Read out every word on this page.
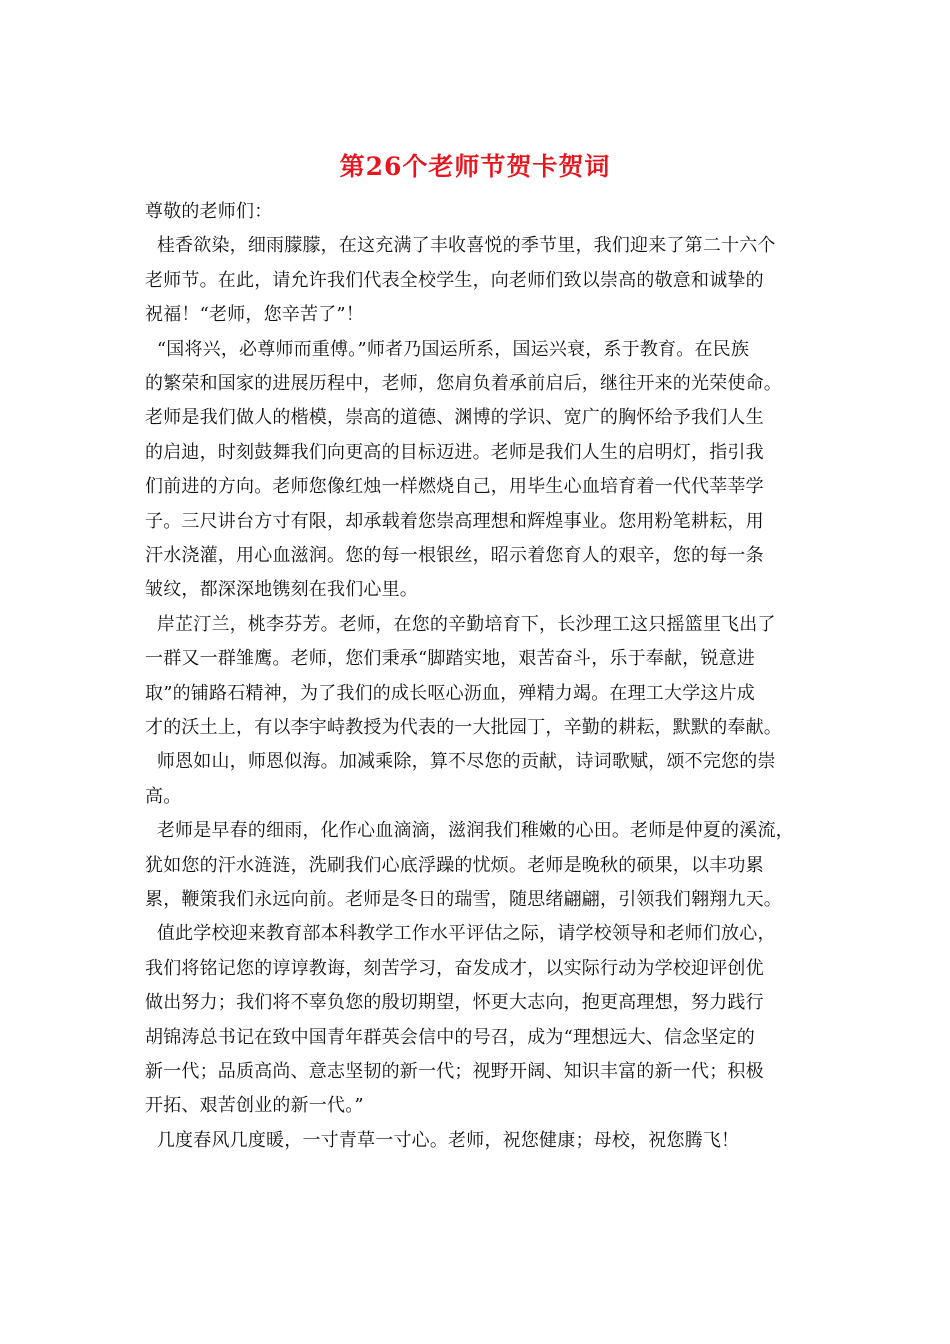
第26个老师节贺卡贺词
尊敬的老师们：
桂香欲染，细雨朦朦，在这充满了丰收喜悦的季节里，我们迎来了第二十六个
老师节。在此，请允许我们代表全校学生，向老师们致以崇高的敬意和诚挚的
祝福！“老师，您辛苦了”！
“国将兴，必尊师而重傅。”师者乃国运所系，国运兴衰，系于教育。在民族
的繁荣和国家的进展历程中，老师，您肩负着承前启后，继往开来的光荣使命。
老师是我们做人的楷模，崇高的道德、渊博的学识、宽广的胸怀给予我们人生
的启迪，时刻鼓舞我们向更高的目标迈进。老师是我们人生的启明灯，指引我
们前进的方向。老师您像红烛一样燃烧自己，用毕生心血培育着一代代莘莘学
子。三尺讲台方寸有限，却承载着您崇高理想和辉煌事业。您用粉笔耕耘，用
汗水浇灌，用心血滋润。您的每一根银丝，昭示着您育人的艰辛，您的每一条
皱纹，都深深地镌刻在我们心里。
岸芷汀兰，桃李芬芳。老师，在您的辛勤培育下，长沙理工这只摇篮里飞出了
一群又一群雏鹰。老师，您们秉承“脚踏实地，艰苦奋斗，乐于奉献，锐意进
取”的铺路石精神，为了我们的成长呕心沥血，殚精力竭。在理工大学这片成
才的沃土上，有以李宇峙教授为代表的一大批园丁，辛勤的耕耘，默默的奉献。
师恩如山，师恩似海。加减乘除，算不尽您的贡献，诗词歌赋，颂不完您的崇
高。
老师是早春的细雨，化作心血滴滴，滋润我们稚嫩的心田。老师是仲夏的溪流，
犹如您的汗水涟涟，洗刷我们心底浮躁的忧烦。老师是晚秋的硕果，以丰功累
累，鞭策我们永远向前。老师是冬日的瑞雪，随思绪翩翩，引领我们翱翔九天。
值此学校迎来教育部本科教学工作水平评估之际，请学校领导和老师们放心，
我们将铭记您的谆谆教诲，刻苦学习，奋发成才，以实际行动为学校迎评创优
做出努力；我们将不辜负您的殷切期望，怀更大志向，抱更高理想，努力践行
胡锦涛总书记在致中国青年群英会信中的号召，成为“理想远大、信念坚定的
新一代；品质高尚、意志坚韧的新一代；视野开阔、知识丰富的新一代；积极
开拓、艰苦创业的新一代。”
几度春风几度暖，一寸青草一寸心。老师，祝您健康；母校，祝您腾飞！
